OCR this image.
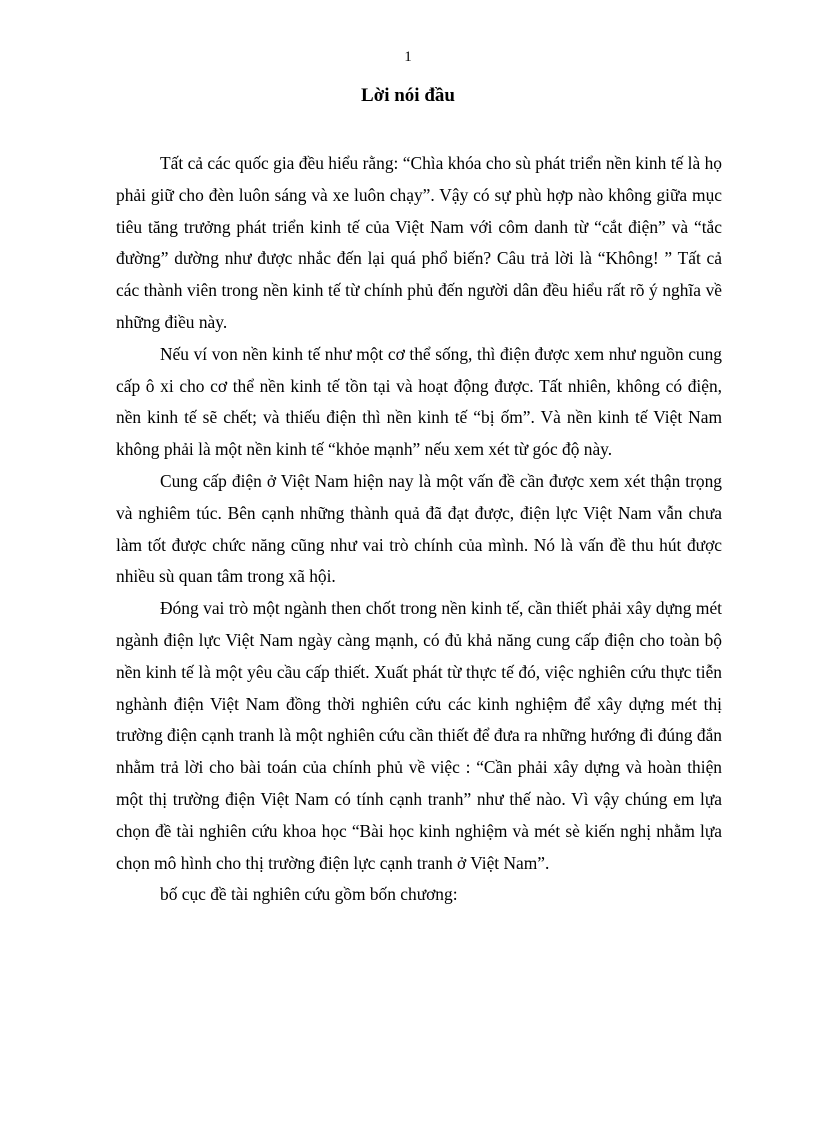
1
Lời nói đầu

Tất cả các quốc gia đều hiểu rằng: “Chìa khóa cho sù phát triển nền kinh tế là họ phải giữ cho đèn luôn sáng và xe luôn chạy”. Vậy có sự phù hợp nào không giữa mục tiêu tăng trưởng phát triển kinh tế của Việt Nam với côm danh từ “cắt điện” và “tắc đường” dường như được nhắc đến lại quá phổ biến? Câu trả lời là “Không! ” Tất cả các thành viên trong nền kinh tế từ chính phủ đến người dân đều hiểu rất rõ ý nghĩa về những điều này.

Nếu ví von nền kinh tế như một cơ thể sống, thì điện được xem như nguồn cung cấp ô xi cho cơ thể nền kinh tế tồn tại và hoạt động được. Tất nhiên, không có điện, nền kinh tế sẽ chết; và thiếu điện thì nền kinh tế “bị ốm”. Và nền kinh tế Việt Nam không phải là một nền kinh tế “khỏe mạnh” nếu xem xét từ góc độ này.

Cung cấp điện ở Việt Nam hiện nay là một vấn đề cần được xem xét thận trọng và nghiêm túc. Bên cạnh những thành quả đã đạt được, điện lực Việt Nam vẫn chưa làm tốt được chức năng cũng như vai trò chính của mình. Nó là vấn đề thu hút được nhiều sù quan tâm trong xã hội.

Đóng vai trò một ngành then chốt trong nền kinh tế, cần thiết phải xây dựng mét ngành điện lực Việt Nam ngày càng mạnh, có đủ khả năng cung cấp điện cho toàn bộ nền kinh tế là một yêu cầu cấp thiết. Xuất phát từ thực tế đó, việc nghiên cứu thực tiễn nghành điện Việt Nam đồng thời nghiên cứu các kinh nghiệm để xây dựng mét thị trường điện cạnh tranh là một nghiên cứu cần thiết để đưa ra những hướng đi đúng đắn nhằm trả lời cho bài toán của chính phủ về việc : “Cần phải xây dựng và hoàn thiện một thị trường điện Việt Nam có tính cạnh tranh” như thế nào. Vì vậy chúng em lựa chọn đề tài nghiên cứu khoa học “Bài học kinh nghiệm và mét sè kiến nghị nhằm lựa chọn mô hình cho thị trường điện lực cạnh tranh ở Việt Nam”.

bố cục đề tài nghiên cứu gồm bốn chương:
